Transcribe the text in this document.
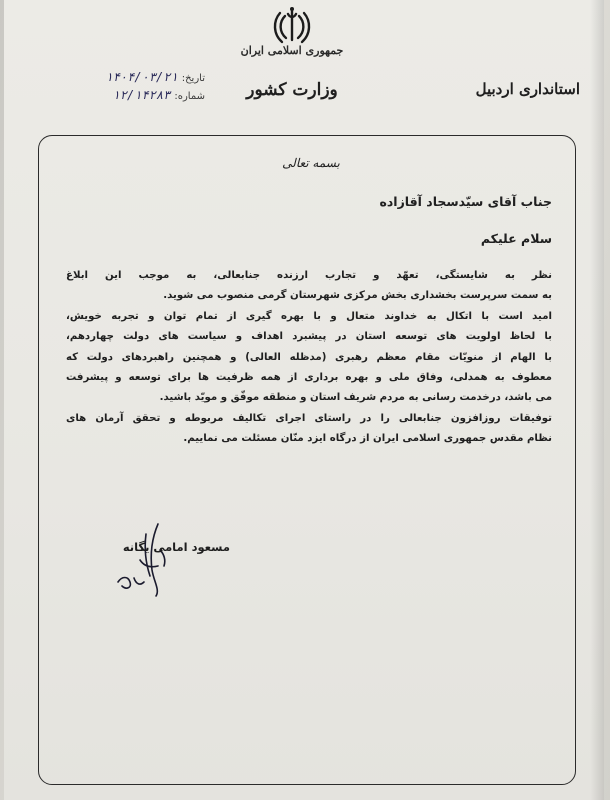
جمهوری اسلامی ایران
وزارت کشور	استانداری اردبیل
تاریخ:
۱۴۰۴/۰۳/۲۱
شماره:
۱۲/۱۴۲۸۳
بسمه تعالی
جناب آقای سیّدسجاد آقازاده
سلام علیکم
نظر به شایستگی، تعهّد و تجارب ارزنده جنابعالی، به موجب این ابلاغ
به سمت سرپرست بخشداری بخش مرکزی شهرستان گرمی منصوب می شوید.
امید است با اتکال به خداوند متعال و با بهره گیری از تمام توان و تجربه خویش،
با لحاظ اولویت های توسعه استان در پیشبرد اهداف و سیاست های دولت چهاردهم،
با الهام از منویّات مقام معظم رهبری (مدظله العالی) و همچنین راهبردهای دولت که
معطوف به همدلی، وفاق ملی و بهره برداری از همه ظرفیت ها برای توسعه و پیشرفت
می باشد، درخدمت رسانی به مردم شریف استان و منطقه موفّق و مویّد باشید.
توفیقات روزافزون جنابعالی را در راستای اجرای تکالیف مربوطه و تحقق آرمان های
نظام مقدس جمهوری اسلامی ایران از درگاه ایزد منّان مسئلت می نماییم.
مسعود امامی یگانه
